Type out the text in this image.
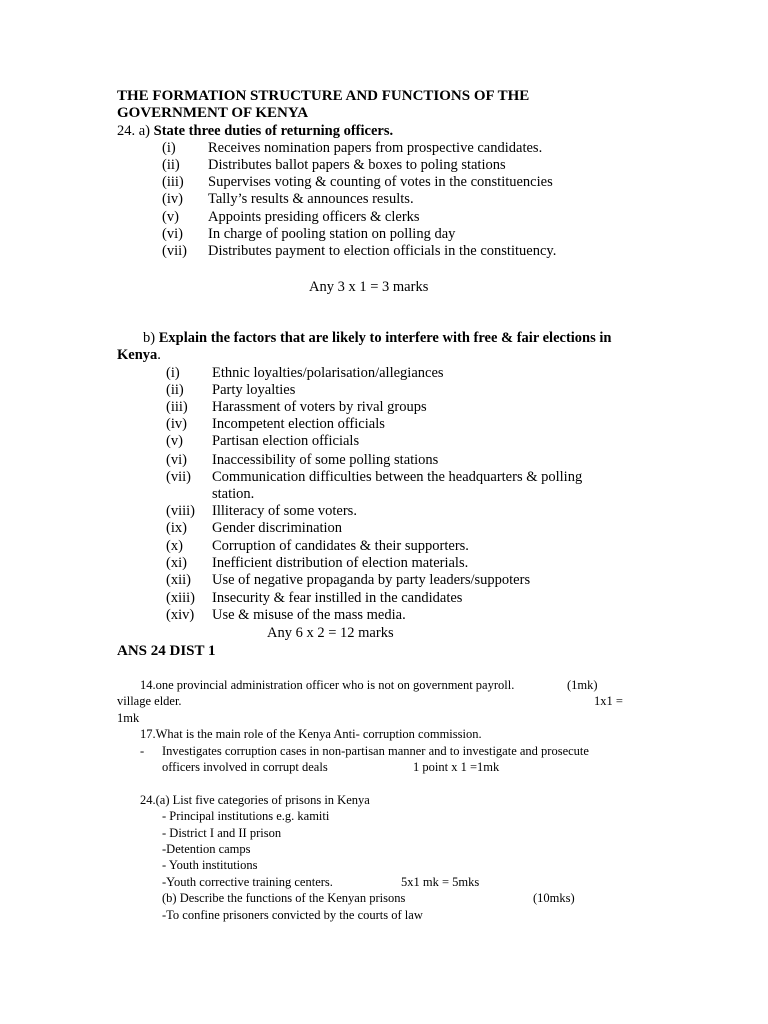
THE FORMATION STRUCTURE AND FUNCTIONS OF THE
GOVERNMENT OF KENYA
24. a) State three duties of returning officers.
(i) Receives nomination papers from prospective candidates.
(ii) Distributes ballot papers & boxes to poling stations
(iii) Supervises voting & counting of votes in the constituencies
(iv) Tally’s results & announces results.
(v) Appoints presiding officers & clerks
(vi) In charge of pooling station on polling day
(vii) Distributes payment to election officials in the constituency.
Any 3 x 1 = 3 marks
b) Explain the factors that are likely to interfere with free & fair elections in
Kenya.
(i) Ethnic loyalties/polarisation/allegiances
(ii) Party loyalties
(iii) Harassment of voters by rival groups
(iv) Incompetent election officials
(v) Partisan election officials
(vi) Inaccessibility of some polling stations
(vii) Communication difficulties between the headquarters & polling
station.
(viii) Illiteracy of some voters.
(ix) Gender discrimination
(x) Corruption of candidates & their supporters.
(xi) Inefficient distribution of election materials.
(xii) Use of negative propaganda by party leaders/suppoters
(xiii) Insecurity & fear instilled in the candidates
(xiv) Use & misuse of the mass media.
Any 6 x 2 = 12 marks
ANS 24 DIST 1
14.one provincial administration officer who is not on government payroll.	(1mk)
village elder.	1x1 =
1mk
17.What is the main role of the Kenya Anti- corruption commission.
- Investigates corruption cases in non-partisan manner and to investigate and prosecute
officers involved in corrupt deals	1 point x 1 =1mk
24.(a) List five categories of prisons in Kenya
- Principal institutions e.g. kamiti
- District I and II prison
-Detention camps
- Youth institutions
-Youth corrective training centers.	5x1 mk = 5mks
(b) Describe the functions of the Kenyan prisons	(10mks)
-To confine prisoners convicted by the courts of law
